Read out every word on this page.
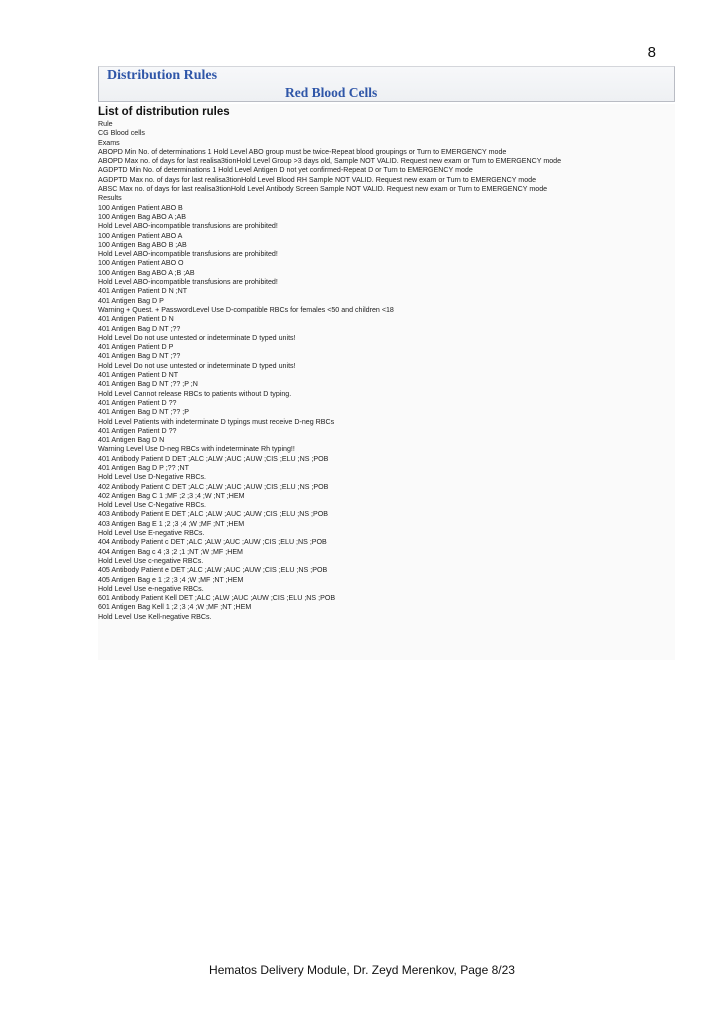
8
Distribution Rules
Red Blood Cells
List of distribution rules
Rule
CG Blood cells
Exams
ABOPD Min No. of determinations 1 Hold Level ABO group must be twice-Repeat blood groupings or Turn to EMERGENCY mode
ABOPD Max no. of days for last realisa3tionHold Level Group >3 days old, Sample NOT VALID. Request new exam or Turn to EMERGENCY mode
AGDPTD Min No. of determinations 1 Hold Level Antigen D not yet confirmed-Repeat D or Turn to EMERGENCY mode
AGDPTD Max no. of days for last realisa3tionHold Level Blood RH Sample NOT VALID. Request new exam or Turn to EMERGENCY mode
ABSC Max no. of days for last realisa3tionHold Level Antibody Screen Sample NOT VALID. Request new exam or Turn to EMERGENCY mode
Results
100 Antigen Patient ABO B
100 Antigen Bag ABO A ;AB
Hold Level ABO-incompatible transfusions are prohibited!
100 Antigen Patient ABO A
100 Antigen Bag ABO B ;AB
Hold Level ABO-incompatible transfusions are prohibited!
100 Antigen Patient ABO O
100 Antigen Bag ABO A ;B ;AB
Hold Level ABO-incompatible transfusions are prohibited!
401 Antigen Patient D N ;NT
401 Antigen Bag D P
Warning + Quest. + PasswordLevel Use D-compatible RBCs for females <50 and children <18
401 Antigen Patient D N
401 Antigen Bag D NT ;??
Hold Level Do not use untested or indeterminate D typed units!
401 Antigen Patient D P
401 Antigen Bag D NT ;??
Hold Level Do not use untested or indeterminate D typed units!
401 Antigen Patient D NT
401 Antigen Bag D NT ;?? ;P ;N
Hold Level Cannot release RBCs to patients without D typing.
401 Antigen Patient D ??
401 Antigen Bag D NT ;?? ;P
Hold Level Patients with indeterminate D typings must receive D-neg RBCs
401 Antigen Patient D ??
401 Antigen Bag D N
Warning Level Use D-neg RBCs with indeterminate Rh typing!!
401 Antibody Patient D DET ;ALC ;ALW ;AUC ;AUW ;CIS ;ELU ;NS ;POB
401 Antigen Bag D P ;?? ;NT
Hold Level Use D-Negative RBCs.
402 Antibody Patient C DET ;ALC ;ALW ;AUC ;AUW ;CIS ;ELU ;NS ;POB
402 Antigen Bag C 1 ;MF ;2 ;3 ;4 ;W ;NT ;HEM
Hold Level Use C-Negative RBCs.
403 Antibody Patient E DET ;ALC ;ALW ;AUC ;AUW ;CIS ;ELU ;NS ;POB
403 Antigen Bag E 1 ;2 ;3 ;4 ;W ;MF ;NT ;HEM
Hold Level Use E-negative RBCs.
404 Antibody Patient c DET ;ALC ;ALW ;AUC ;AUW ;CIS ;ELU ;NS ;POB
404 Antigen Bag c 4 ;3 ;2 ;1 ;NT ;W ;MF ;HEM
Hold Level Use c-negative RBCs.
405 Antibody Patient e DET ;ALC ;ALW ;AUC ;AUW ;CIS ;ELU ;NS ;POB
405 Antigen Bag e 1 ;2 ;3 ;4 ;W ;MF ;NT ;HEM
Hold Level Use e-negative RBCs.
601 Antibody Patient Kell DET ;ALC ;ALW ;AUC ;AUW ;CIS ;ELU ;NS ;POB
601 Antigen Bag Kell 1 ;2 ;3 ;4 ;W ;MF ;NT ;HEM
Hold Level Use Kell-negative RBCs.
Hematos Delivery Module, Dr. Zeyd Merenkov, Page 8/23
